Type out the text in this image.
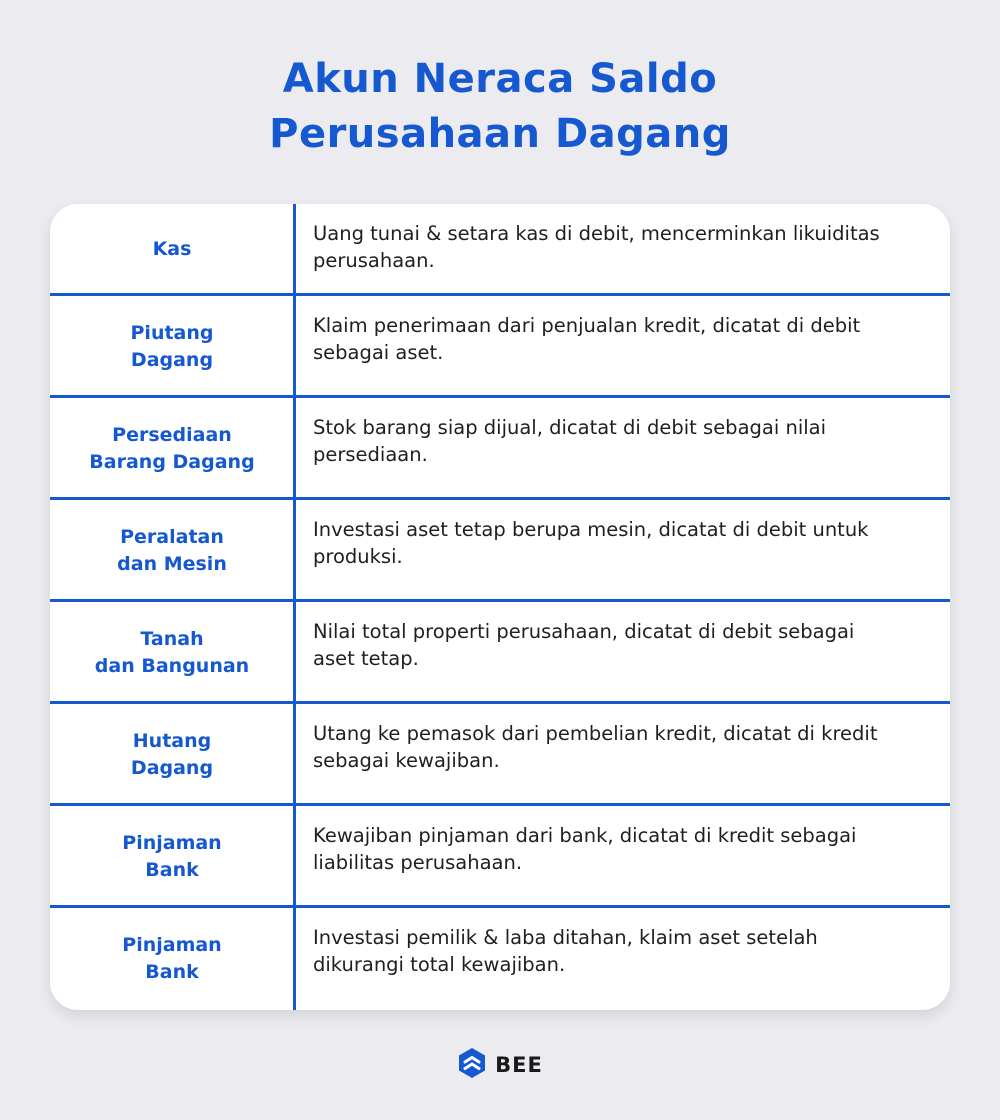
Akun Neraca Saldo
Perusahaan Dagang
Kas

Uang tunai & setara kas di debit, mencerminkan likuiditas perusahaan.

Piutang
Dagang

Klaim penerimaan dari penjualan kredit, dicatat di debit sebagai aset.

Persediaan
Barang Dagang

Stok barang siap dijual, dicatat di debit sebagai nilai persediaan.

Peralatan
dan Mesin

Investasi aset tetap berupa mesin, dicatat di debit untuk produksi.

Tanah
dan Bangunan

Nilai total properti perusahaan, dicatat di debit sebagai aset tetap.

Hutang
Dagang

Utang ke pemasok dari pembelian kredit, dicatat di kredit sebagai kewajiban.

Pinjaman
Bank

Kewajiban pinjaman dari bank, dicatat di kredit sebagai liabilitas perusahaan.

Pinjaman
Bank

Investasi pemilik & laba ditahan, klaim aset setelah dikurangi total kewajiban.

BEE
